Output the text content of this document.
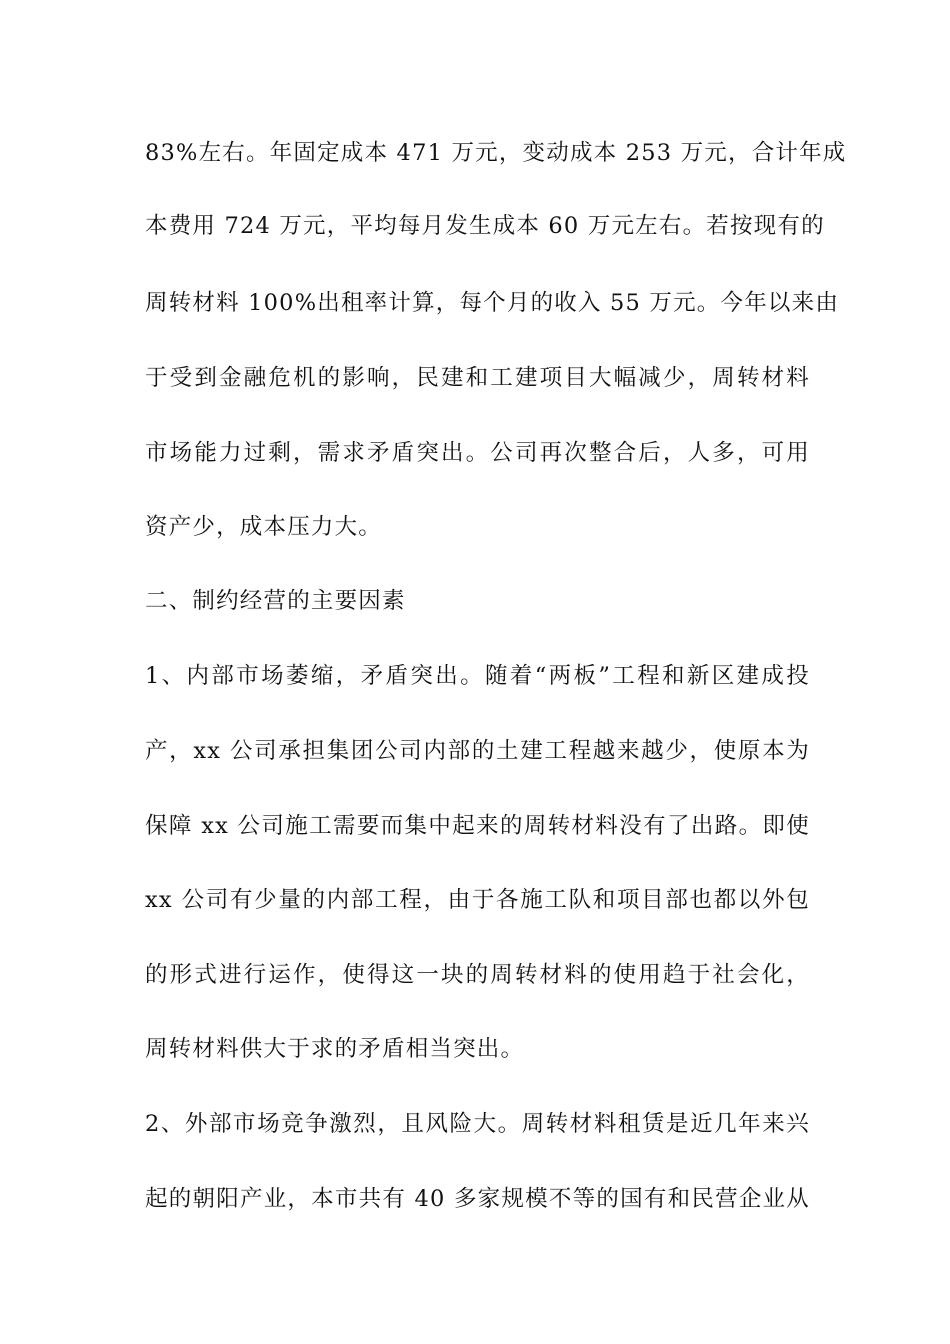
83%左右。年固定成本 471 万元，变动成本 253 万元，合计年成
本费用 724 万元，平均每月发生成本 60 万元左右。若按现有的
周转材料 100%出租率计算，每个月的收入 55 万元。今年以来由
于受到金融危机的影响，民建和工建项目大幅减少，周转材料
市场能力过剩，需求矛盾突出。公司再次整合后，人多，可用
资产少，成本压力大。
二、制约经营的主要因素
1、内部市场萎缩，矛盾突出。随着“两板”工程和新区建成投
产，xx 公司承担集团公司内部的土建工程越来越少，使原本为
保障 xx 公司施工需要而集中起来的周转材料没有了出路。即使
xx 公司有少量的内部工程，由于各施工队和项目部也都以外包
的形式进行运作，使得这一块的周转材料的使用趋于社会化，
周转材料供大于求的矛盾相当突出。
2、外部市场竞争激烈，且风险大。周转材料租赁是近几年来兴
起的朝阳产业，本市共有 40 多家规模不等的国有和民营企业从
